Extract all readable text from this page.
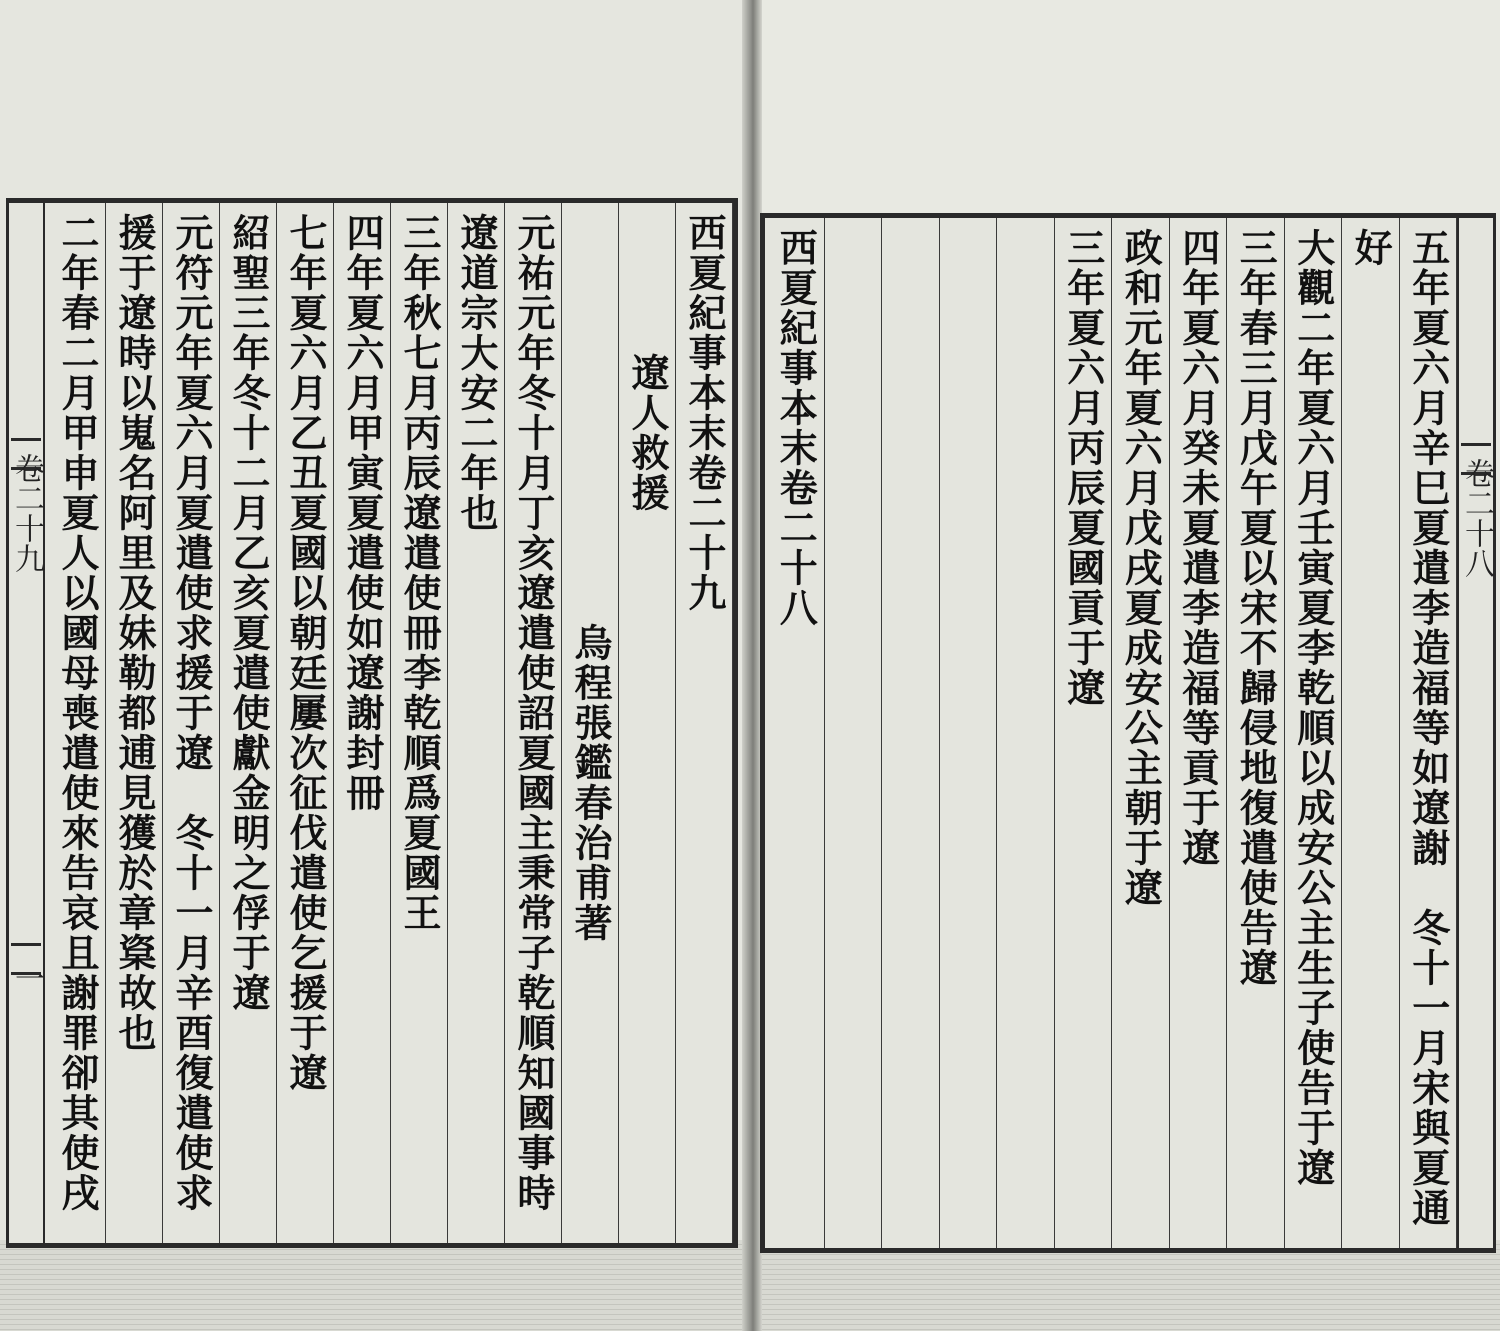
卷二十九
一
西夏紀事本末卷二十九
遼人救援
烏程張鑑春治甫著
元祐元年冬十月丁亥遼遣使詔夏國主秉常子乾順知國事時
遼道宗大安二年也
三年秋七月丙辰遼遣使冊李乾順爲夏國王
四年夏六月甲寅夏遣使如遼謝封冊
七年夏六月乙丑夏國以朝廷屢次征伐遣使乞援于遼
紹聖三年冬十二月乙亥夏遣使獻金明之俘于遼
元符元年夏六月夏遣使求援于遼　冬十一月辛酉復遣使求
援于遼時以嵬名阿里及妹勒都逋見獲於章楶故也
二年春二月甲申夏人以國母喪遣使來告哀且謝罪卻其使戌	卷二十八
五年夏六月辛巳夏遣李造福等如遼謝　冬十一月宋與夏通
好
大觀二年夏六月壬寅夏李乾順以成安公主生子使告于遼
三年春三月戊午夏以宋不歸侵地復遣使告遼
四年夏六月癸未夏遣李造福等貢于遼
政和元年夏六月戊戌夏成安公主朝于遼
三年夏六月丙辰夏國貢于遼
西夏紀事本末卷二十八
